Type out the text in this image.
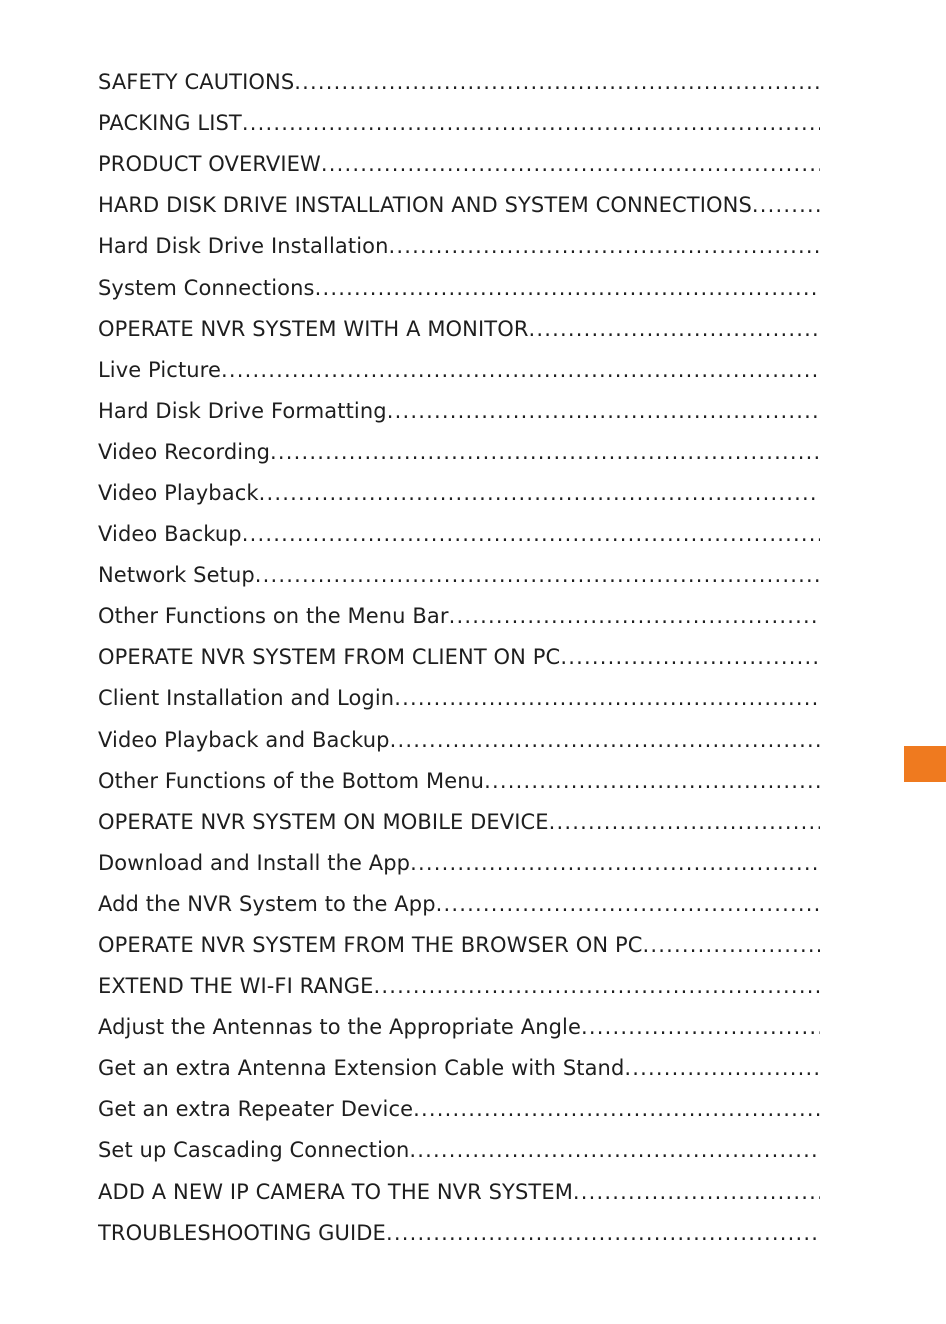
SAFETY CAUTIONS
.....
PACKING LIST
.....
PRODUCT OVERVIEW
.....
HARD DISK DRIVE INSTALLATION AND SYSTEM CONNECTIONS
.....
Hard Disk Drive Installation
.....
System Connections
.....
OPERATE NVR SYSTEM WITH A MONITOR
.....
Live Picture
.....
Hard Disk Drive Formatting
.....
Video Recording
.....
Video Playback
.....
Video Backup
.....
Network Setup
.....
Other Functions on the Menu Bar
.....
OPERATE NVR SYSTEM FROM CLIENT ON PC
.....
Client Installation and Login
.....
Video Playback and Backup
.....
Other Functions of the Bottom Menu
.....
OPERATE NVR SYSTEM ON MOBILE DEVICE
.....
Download and Install the App
.....
Add the NVR System to the App
.....
OPERATE NVR SYSTEM FROM THE BROWSER ON PC
.....
EXTEND THE WI-FI RANGE
.....
Adjust the Antennas to the Appropriate Angle
.....
Get an extra Antenna Extension Cable with Stand
.....
Get an extra Repeater Device
.....
Set up Cascading Connection
.....
ADD A NEW IP CAMERA TO THE NVR SYSTEM
.....
TROUBLESHOOTING GUIDE
.....
